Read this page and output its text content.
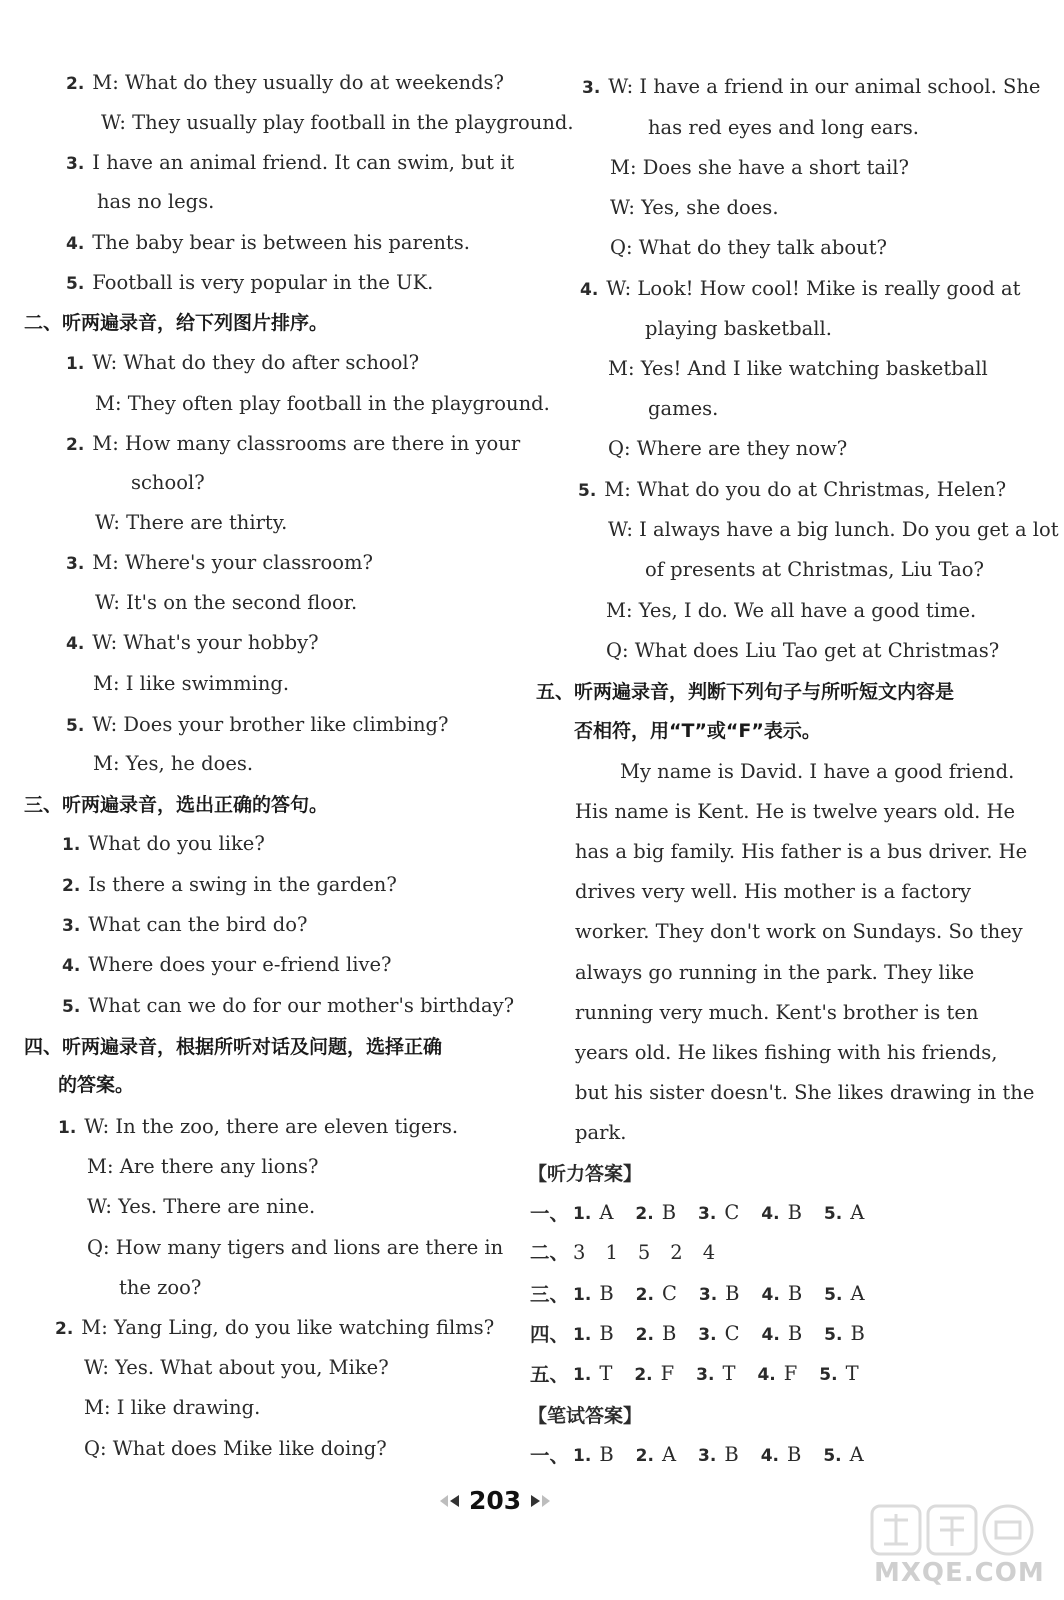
2. M: What do they usually do at weekends?
W: They usually play football in the playground.
3. I have an animal friend. It can swim, but it
has no legs.
4. The baby bear is between his parents.
5. Football is very popular in the UK.
二、听两遍录音，给下列图片排序。
1. W: What do they do after school?
M: They often play football in the playground.
2. M: How many classrooms are there in your
school?
W: There are thirty.
3. M: Where's your classroom?
W: It's on the second floor.
4. W: What's your hobby?
M: I like swimming.
5. W: Does your brother like climbing?
M: Yes, he does.
三、听两遍录音，选出正确的答句。
1. What do you like?
2. Is there a swing in the garden?
3. What can the bird do?
4. Where does your e-friend live?
5. What can we do for our mother's birthday?
四、听两遍录音，根据所听对话及问题，选择正确
的答案。
1. W: In the zoo, there are eleven tigers.
M: Are there any lions?
W: Yes. There are nine.
Q: How many tigers and lions are there in
the zoo?
2. M: Yang Ling, do you like watching films?
W: Yes. What about you, Mike?
M: I like drawing.
Q: What does Mike like doing?
3. W: I have a friend in our animal school. She
has red eyes and long ears.
M: Does she have a short tail?
W: Yes, she does.
Q: What do they talk about?
4. W: Look! How cool! Mike is really good at
playing basketball.
M: Yes! And I like watching basketball
games.
Q: Where are they now?
5. M: What do you do at Christmas, Helen?
W: I always have a big lunch. Do you get a lot
of presents at Christmas, Liu Tao?
M: Yes, I do. We all have a good time.
Q: What does Liu Tao get at Christmas?
五、听两遍录音，判断下列句子与所听短文内容是
否相符，用“T”或“F”表示。
My name is David. I have a good friend.
His name is Kent. He is twelve years old. He
has a big family. His father is a bus driver. He
drives very well. His mother is a factory
worker. They don't work on Sundays. So they
always go running in the park. They like
running very much. Kent's brother is ten
years old. He likes fishing with his friends,
but his sister doesn't. She likes drawing in the
park.
【听力答案】
一、 1. A 2. B 3. C 4. B 5. A
二、 3 1 5 2 4
三、 1. B 2. C 3. B 4. B 5. A
四、 1. B 2. B 3. C 4. B 5. B
五、 1. T 2. F 3. T 4. F 5. T
【笔试答案】
一、 1. B 2. A 3. B 4. B 5. A
203
MXQE.COM
